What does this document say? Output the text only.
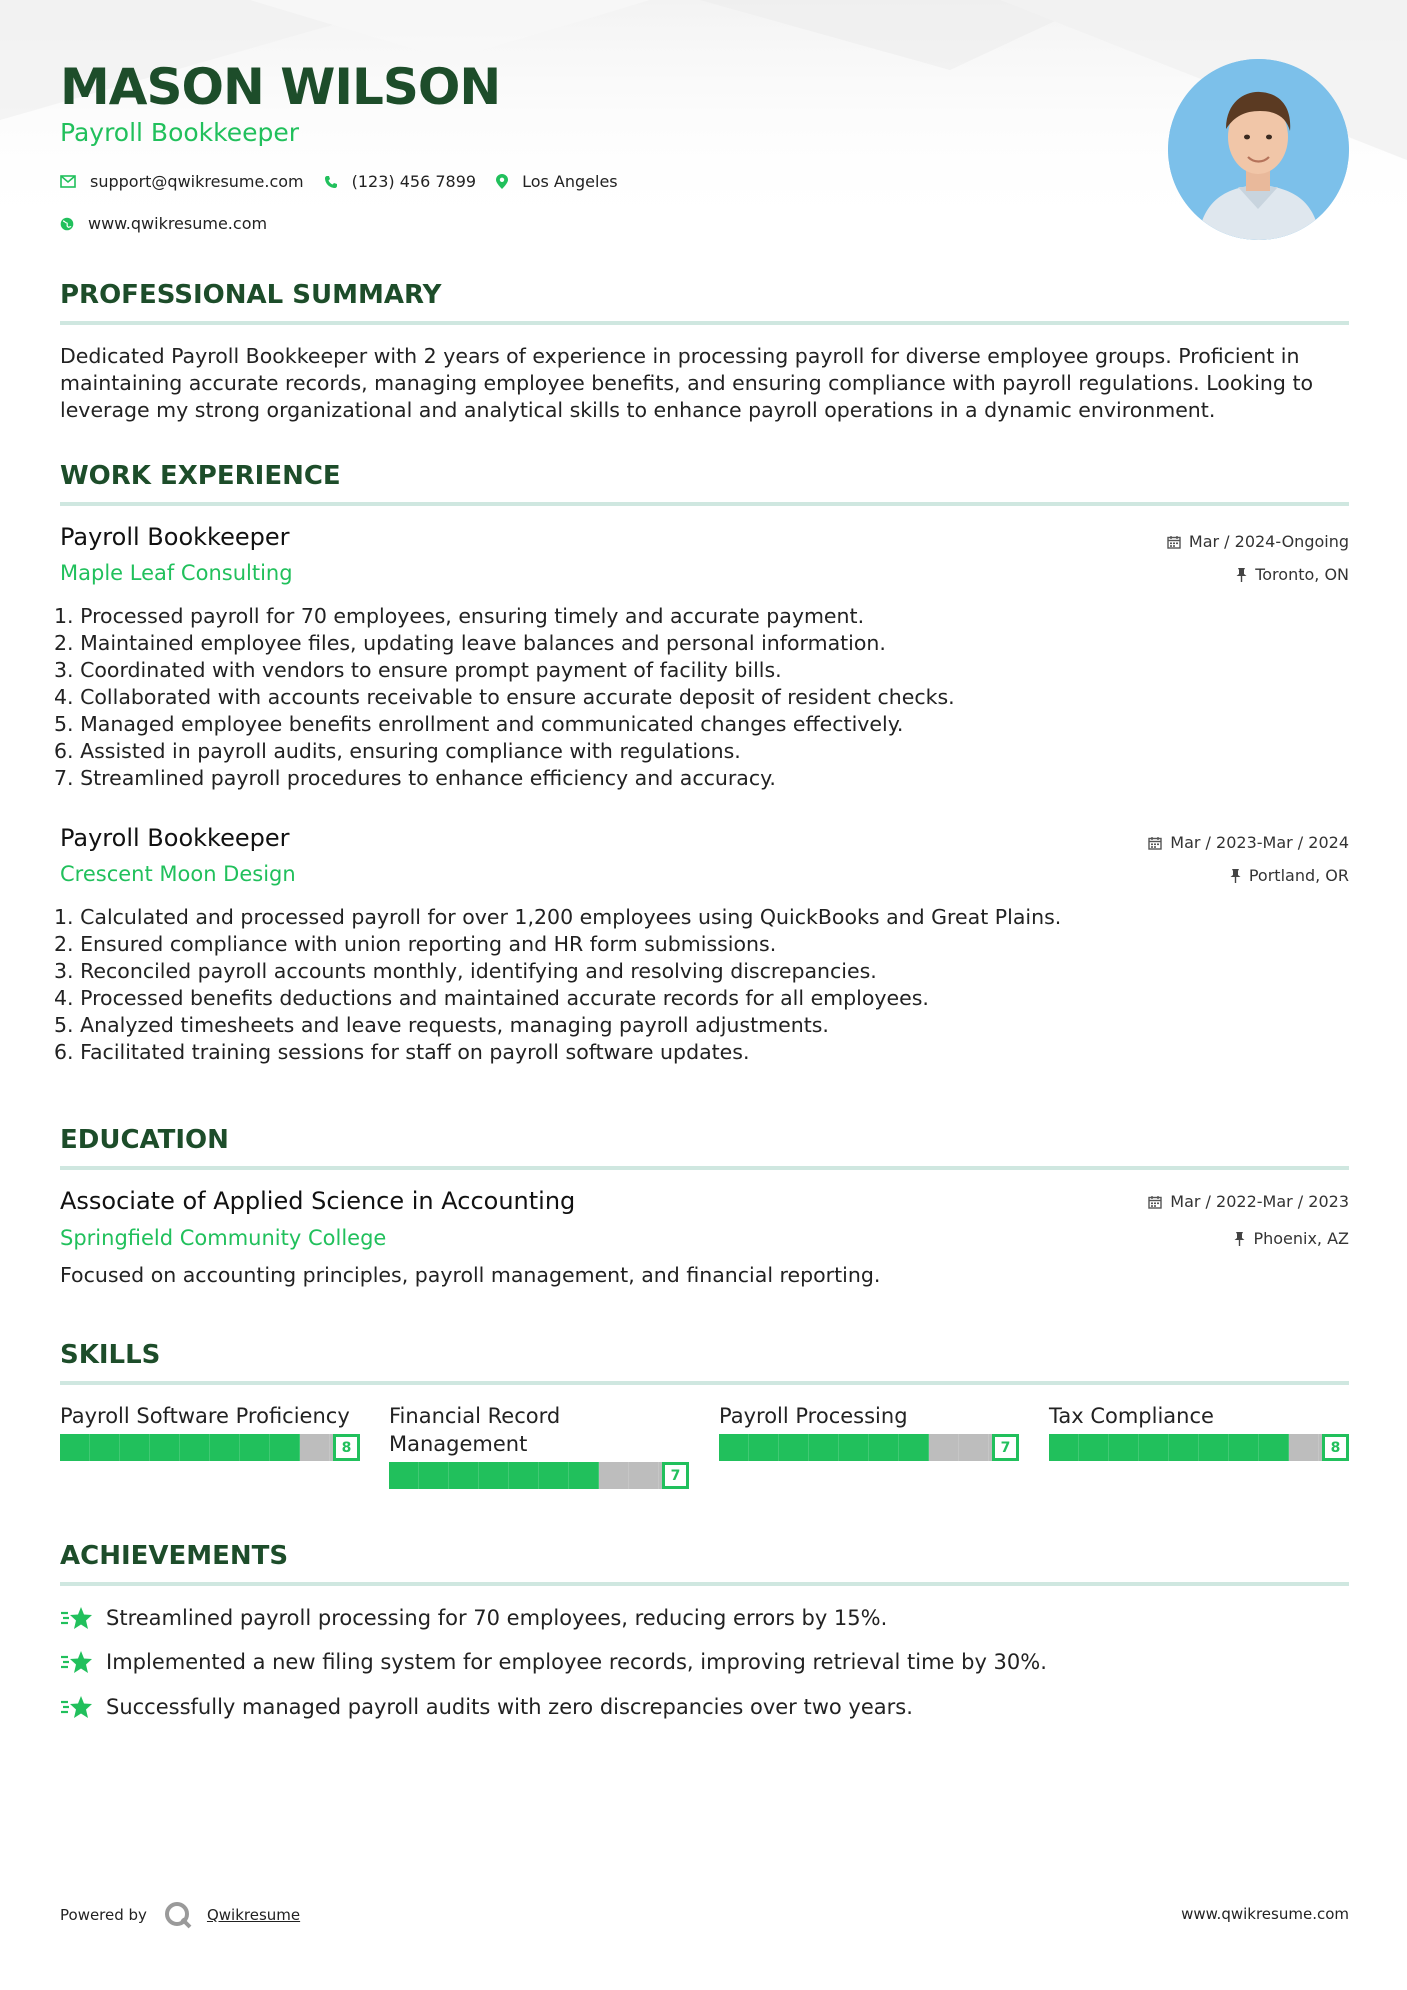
MASON WILSON
Payroll Bookkeeper
support@qwikresume.com	(123) 456 7899	Los Angeles
www.qwikresume.com
PROFESSIONAL SUMMARY
Dedicated Payroll Bookkeeper with 2 years of experience in processing payroll for diverse employee groups. Proficient in
maintaining accurate records, managing employee benefits, and ensuring compliance with payroll regulations. Looking to
leverage my strong organizational and analytical skills to enhance payroll operations in a dynamic environment.
WORK EXPERIENCE
Payroll Bookkeeper
Maple Leaf Consulting
Mar / 2024-Ongoing
Toronto, ON
1. Processed payroll for 70 employees, ensuring timely and accurate payment.
2. Maintained employee files, updating leave balances and personal information.
3. Coordinated with vendors to ensure prompt payment of facility bills.
4. Collaborated with accounts receivable to ensure accurate deposit of resident checks.
5. Managed employee benefits enrollment and communicated changes effectively.
6. Assisted in payroll audits, ensuring compliance with regulations.
7. Streamlined payroll procedures to enhance efficiency and accuracy.
Payroll Bookkeeper
Crescent Moon Design
Mar / 2023-Mar / 2024
Portland, OR
1. Calculated and processed payroll for over 1,200 employees using QuickBooks and Great Plains.
2. Ensured compliance with union reporting and HR form submissions.
3. Reconciled payroll accounts monthly, identifying and resolving discrepancies.
4. Processed benefits deductions and maintained accurate records for all employees.
5. Analyzed timesheets and leave requests, managing payroll adjustments.
6. Facilitated training sessions for staff on payroll software updates.
EDUCATION
Associate of Applied Science in Accounting
Springfield Community College
Mar / 2022-Mar / 2023
Phoenix, AZ
Focused on accounting principles, payroll management, and financial reporting.
SKILLS
Payroll Software Proficiency
8
Financial Record
Management
7
Payroll Processing
7
Tax Compliance
8
ACHIEVEMENTS
Streamlined payroll processing for 70 employees, reducing errors by 15%.
Implemented a new filing system for employee records, improving retrieval time by 30%.
Successfully managed payroll audits with zero discrepancies over two years.
Powered by	Qwikresume	www.qwikresume.com
